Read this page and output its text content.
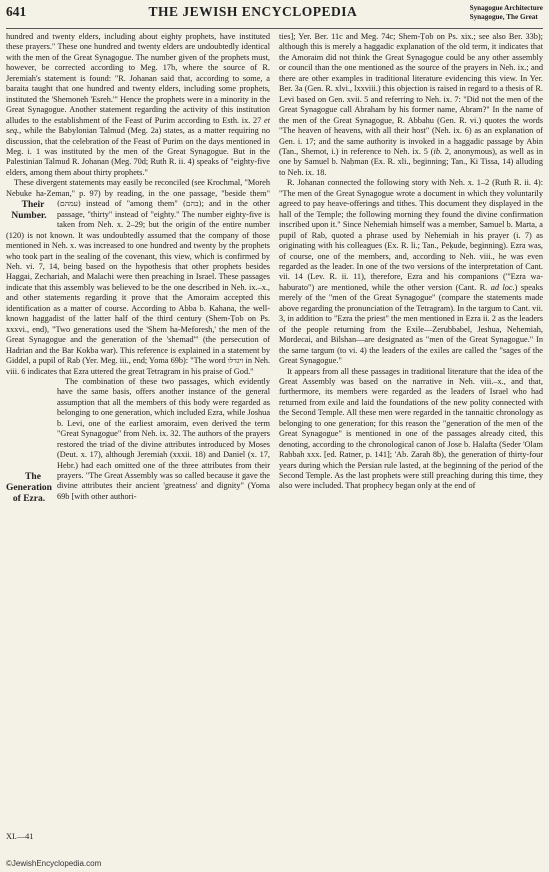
641	THE JEWISH ENCYCLOPEDIA	Synagogue Architecture
Synagogue, The Great

hundred and twenty elders, including about eighty prophets, have instituted these prayers." These one hundred and twenty elders are undoubtedly identical with the men of the Great Synagogue. The number given of the prophets must, however, be corrected according to Meg. 17b, where the source of R. Jeremiah's statement is found: "R. Johanan said that, according to some, a baraita taught that one hundred and twenty elders, including some prophets, instituted the 'Shemoneh 'Esreh.'" Hence the prophets were in a minority in the Great Synagogue. Another statement regarding the activity of this institution alludes to the establishment of the Feast of Purim according to Esth. ix. 27 et seq., while the Babylonian Talmud (Meg. 2a) states, as a matter requiring no discussion, that the celebration of the Feast of Purim on the days mentioned in Meg. i. 1 was instituted by the men of the Great Synagogue. But in the Palestinian Talmud R. Johanan (Meg. 70d; Ruth R. ii. 4) speaks of "eighty-five elders, among them about thirty prophets."

These divergent statements may easily be reconciled (see Krochmal, "Moreh Nebuke ha-Zeman," p. 97) by reading, in the one passage, "beside them" (עמהם)
Their
Number.
instead of "among them" (בהם); and in the other passage, "thirty" instead of "eighty." The number eighty-five is taken from Neh. x. 2–29; but the origin of the entire number (120) is not known. It was undoubtedly assumed that the company of those mentioned in Neh. x. was increased to one hundred and twenty by the prophets who took part in the sealing of the covenant, this view, which is confirmed by Neh. vi. 7, 14, being based on the hypothesis that other prophets besides Haggai, Zechariah, and Malachi were then preaching in Israel. These passages indicate that this assembly was believed to be the one described in Neh. ix.–x., and other statements regarding it prove that the Amoraim accepted this identification as a matter of course. According to Abba b. Kahana, the well-known haggadist of the latter half of the third century (Shem-Ṭob on Ps. xxxvi., end), "Two generations used the 'Shem ha-Meforesh,' the men of the Great Synagogue and the generation of the 'shemad'" (the persecution of Hadrian and the Bar Kokba war). This reference is explained in a statement by Giddel, a pupil of Rab (Yer. Meg. iii., end; Yoma 69b): "The word ויגדלו in Neh. viii. 6 indicates that Ezra uttered the great Tetragram in his praise of God."

The
Generation
of Ezra.
The combination of these two passages, which evidently have the same basis, offers another instance of the general assumption that all the members of this body were regarded as belonging to one generation, which included Ezra, while Joshua b. Levi, one of the earliest amoraim, even derived the term "Great Synagogue" from Neh. ix. 32. The authors of the prayers restored the triad of the divine attributes introduced by Moses (Deut. x. 17), although Jeremiah (xxxii. 18) and Daniel (x. 17, Hebr.) had each omitted one of the three attributes from their prayers. "The Great Assembly was so called because it gave the divine attributes their ancient 'greatness' and dignity" (Yoma 69b [with other authori-

ties]; Yer. Ber. 11c and Meg. 74c; Shem-Ṭob on Ps. xix.; see also Ber. 33b); although this is merely a haggadic explanation of the old term, it indicates that the Amoraim did not think the Great Synagogue could be any other assembly or council than the one mentioned as the source of the prayers in Neh. ix.; and there are other examples in traditional literature evidencing this view. In Yer. Ber. 3a (Gen. R. xlvi., lxxviii.) this objection is raised in regard to a thesis of R. Levi based on Gen. xvii. 5 and referring to Neh. ix. 7: "Did not the men of the Great Synagogue call Abraham by his former name, Abram?" In the name of the men of the Great Synagogue, R. Abbahu (Gen. R. vi.) quotes the words "The heaven of heavens, with all their host" (Neh. ix. 6) as an explanation of Gen. i. 17; and the same authority is invoked in a haggadic passage by Abin (Tan., Shemot, i.) in reference to Neh. ix. 5 (ib. 2, anonymous), as well as in one by Samuel b. Naḥman (Ex. R. xli., beginning; Tan., Ki Tissa, 14) alluding to Neh. ix. 18.

R. Johanan connected the following story with Neh. x. 1–2 (Ruth R. ii. 4): "The men of the Great Synagogue wrote a document in which they voluntarily agreed to pay heave-offerings and tithes. This document they displayed in the hall of the Temple; the following morning they found the divine confirmation inscribed upon it." Since Nehemiah himself was a member, Samuel b. Marta, a pupil of Rab, quoted a phrase used by Nehemiah in his prayer (i. 7) as originating with his colleagues (Ex. R. li.; Tan., Peḳude, beginning). Ezra was, of course, one of the members, and, according to Neh. viii., he was even regarded as the leader. In one of the two versions of the interpretation of Cant. vii. 14 (Lev. R. ii. 11), therefore, Ezra and his companions ("'Ezra wa-haburato") are mentioned, while the other version (Cant. R. ad loc.) speaks merely of the "men of the Great Synagogue" (compare the statements made above regarding the pronunciation of the Tetragram). In the targum to Cant. vii. 3, in addition to "Ezra the priest" the men mentioned in Ezra ii. 2 as the leaders of the people returning from the Exile—Zerubbabel, Jeshua, Nehemiah, Mordecai, and Bilshan—are designated as "men of the Great Synagogue." In the same targum (to vi. 4) the leaders of the exiles are called the "sages of the Great Synagogue."

It appears from all these passages in traditional literature that the idea of the Great Assembly was based on the narrative in Neh. viii.–x., and that, furthermore, its members were regarded as the leaders of Israel who had returned from exile and laid the foundations of the new polity connected with the Second Temple. All these men were regarded in the tannaitic chronology as belonging to one generation; for this reason the "generation of the men of the Great Synagogue" is mentioned in one of the passages already cited, this denoting, according to the chronological canon of Jose b. Halafta (Seder 'Olam Rabbah xxx. [ed. Ratner, p. 141]; 'Ab. Zarah 8b), the generation of thirty-four years during which the Persian rule lasted, at the beginning of the period of the Second Temple. As the last prophets were still preaching during this time, they also were included. That prophecy began only at the end of

XI.—41
©JewishEncyclopedia.com
